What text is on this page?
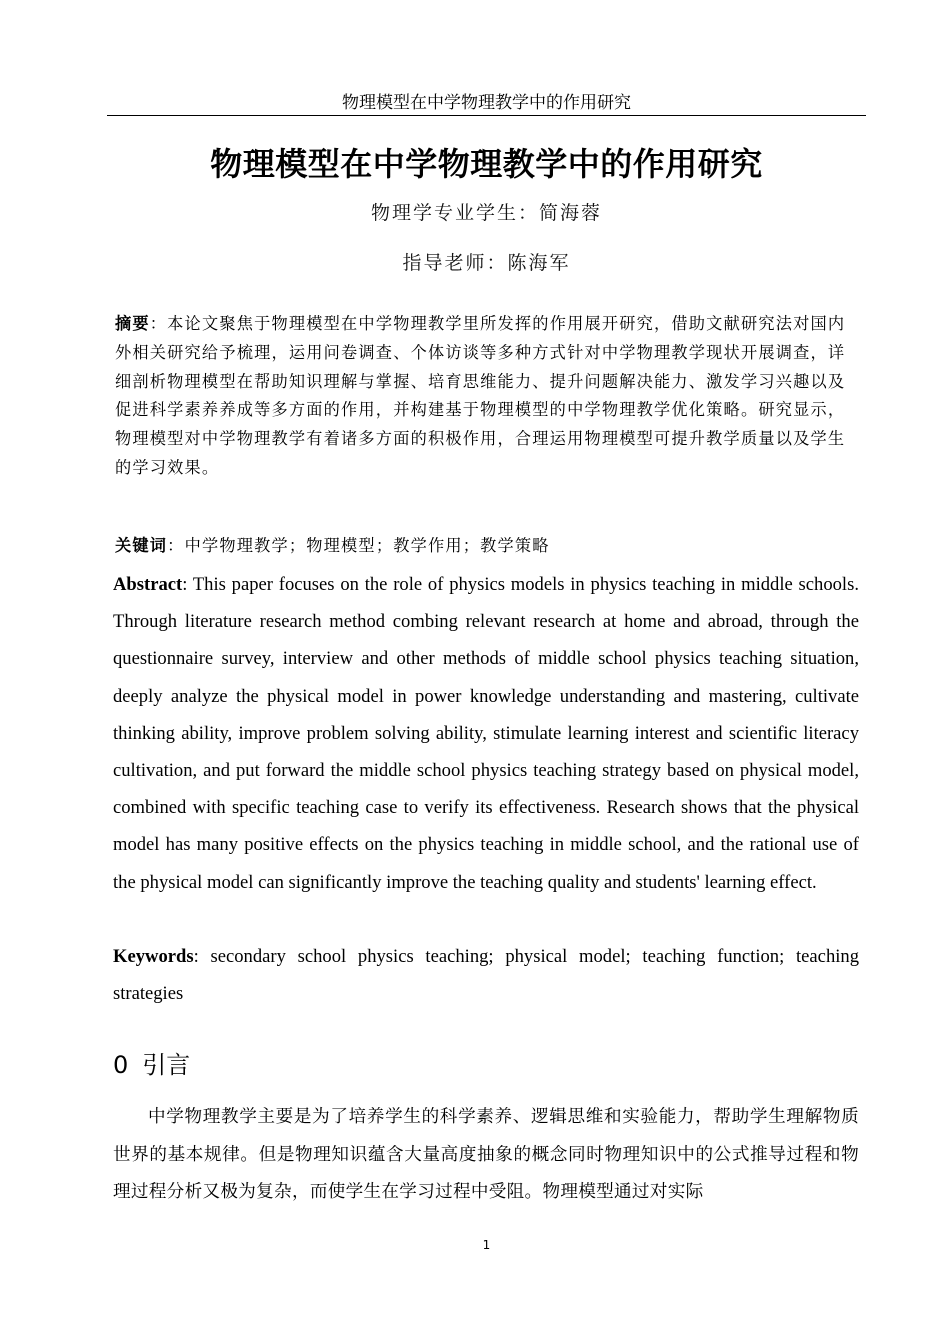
物理模型在中学物理教学中的作用研究
物理模型在中学物理教学中的作用研究
物理学专业学生：简海蓉
指导老师：陈海军

摘要：本论文聚焦于物理模型在中学物理教学里所发挥的作用展开研究，借助文献研究法对国内外相关研究给予梳理，运用问卷调查、个体访谈等多种方式针对中学物理教学现状开展调查，详细剖析物理模型在帮助知识理解与掌握、培育思维能力、提升问题解决能力、激发学习兴趣以及促进科学素养养成等多方面的作用，并构建基于物理模型的中学物理教学优化策略。研究显示，物理模型对中学物理教学有着诸多方面的积极作用，合理运用物理模型可提升教学质量以及学生的学习效果。

关键词：中学物理教学；物理模型；教学作用；教学策略

Abstract: This paper focuses on the role of physics models in physics teaching in middle schools. Through literature research method combing relevant research at home and abroad, through the questionnaire survey, interview and other methods of middle school physics teaching situation, deeply analyze the physical model in power knowledge understanding and mastering, cultivate thinking ability, improve problem solving ability, stimulate learning interest and scientific literacy cultivation, and put forward the middle school physics teaching strategy based on physical model, combined with specific teaching case to verify its effectiveness. Research shows that the physical model has many positive effects on the physics teaching in middle school, and the rational use of the physical model can significantly improve the teaching quality and students' learning effect.

Keywords: secondary school physics teaching; physical model; teaching function; teaching strategies

0 引言

中学物理教学主要是为了培养学生的科学素养、逻辑思维和实验能力，帮助学生理解物质世界的基本规律。但是物理知识蕴含大量高度抽象的概念同时物理知识中的公式推导过程和物理过程分析又极为复杂，而使学生在学习过程中受阻。物理模型通过对实际

1
